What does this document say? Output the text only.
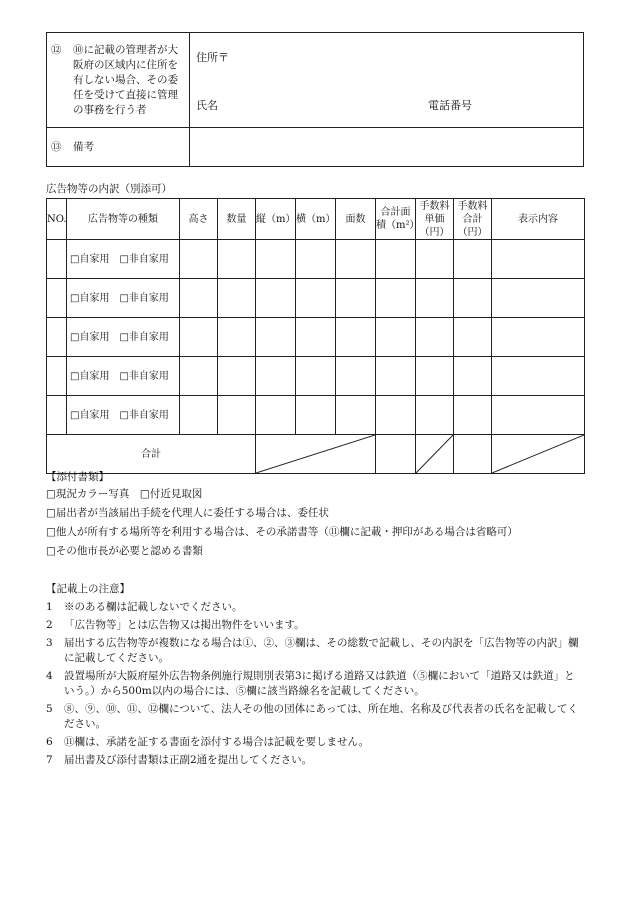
⑫ ⑩に記載の管理者が大阪府の区域内に住所を有しない場合、その委任を受けて直接に管理の事務を行う者	住所〒
氏名 電話番号

⑬ 備考	
広告物等の内訳（別添可）
NO.	広告物等の種類	高さ	数量	縦（m）	横（m）	面数	合計面積（m²）	手数料単価（円）	手数料合計（円）	表示内容
	□自家用　□非自家用									
	□自家用　□非自家用									
	□自家用　□非自家用									
	□自家用　□非自家用									
	□自家用　□非自家用									
合計	

【添付書類】
□現況カラー写真　□付近見取図
□届出者が当該届出手続を代理人に委任する場合は、委任状
□他人が所有する場所等を利用する場合は、その承諾書等（⑪欄に記載・押印がある場合は省略可）
□その他市長が必要と認める書類
【記載上の注意】
1	※のある欄は記載しないでください。
2	「広告物等」とは広告物又は掲出物件をいいます。
3	届出する広告物等が複数になる場合は①、②、③欄は、その総数で記載し、その内訳を「広告物等の内訳」欄に記載してください。
4	設置場所が大阪府屋外広告物条例施行規則別表第3に掲げる道路又は鉄道（⑤欄において「道路又は鉄道」という。）から500m以内の場合には、⑤欄に該当路線名を記載してください。
5	⑧、⑨、⑩、⑪、⑫欄について、法人その他の団体にあっては、所在地、名称及び代表者の氏名を記載してください。
6	⑪欄は、承諾を証する書面を添付する場合は記載を要しません。
7	届出書及び添付書類は正副2通を提出してください。
